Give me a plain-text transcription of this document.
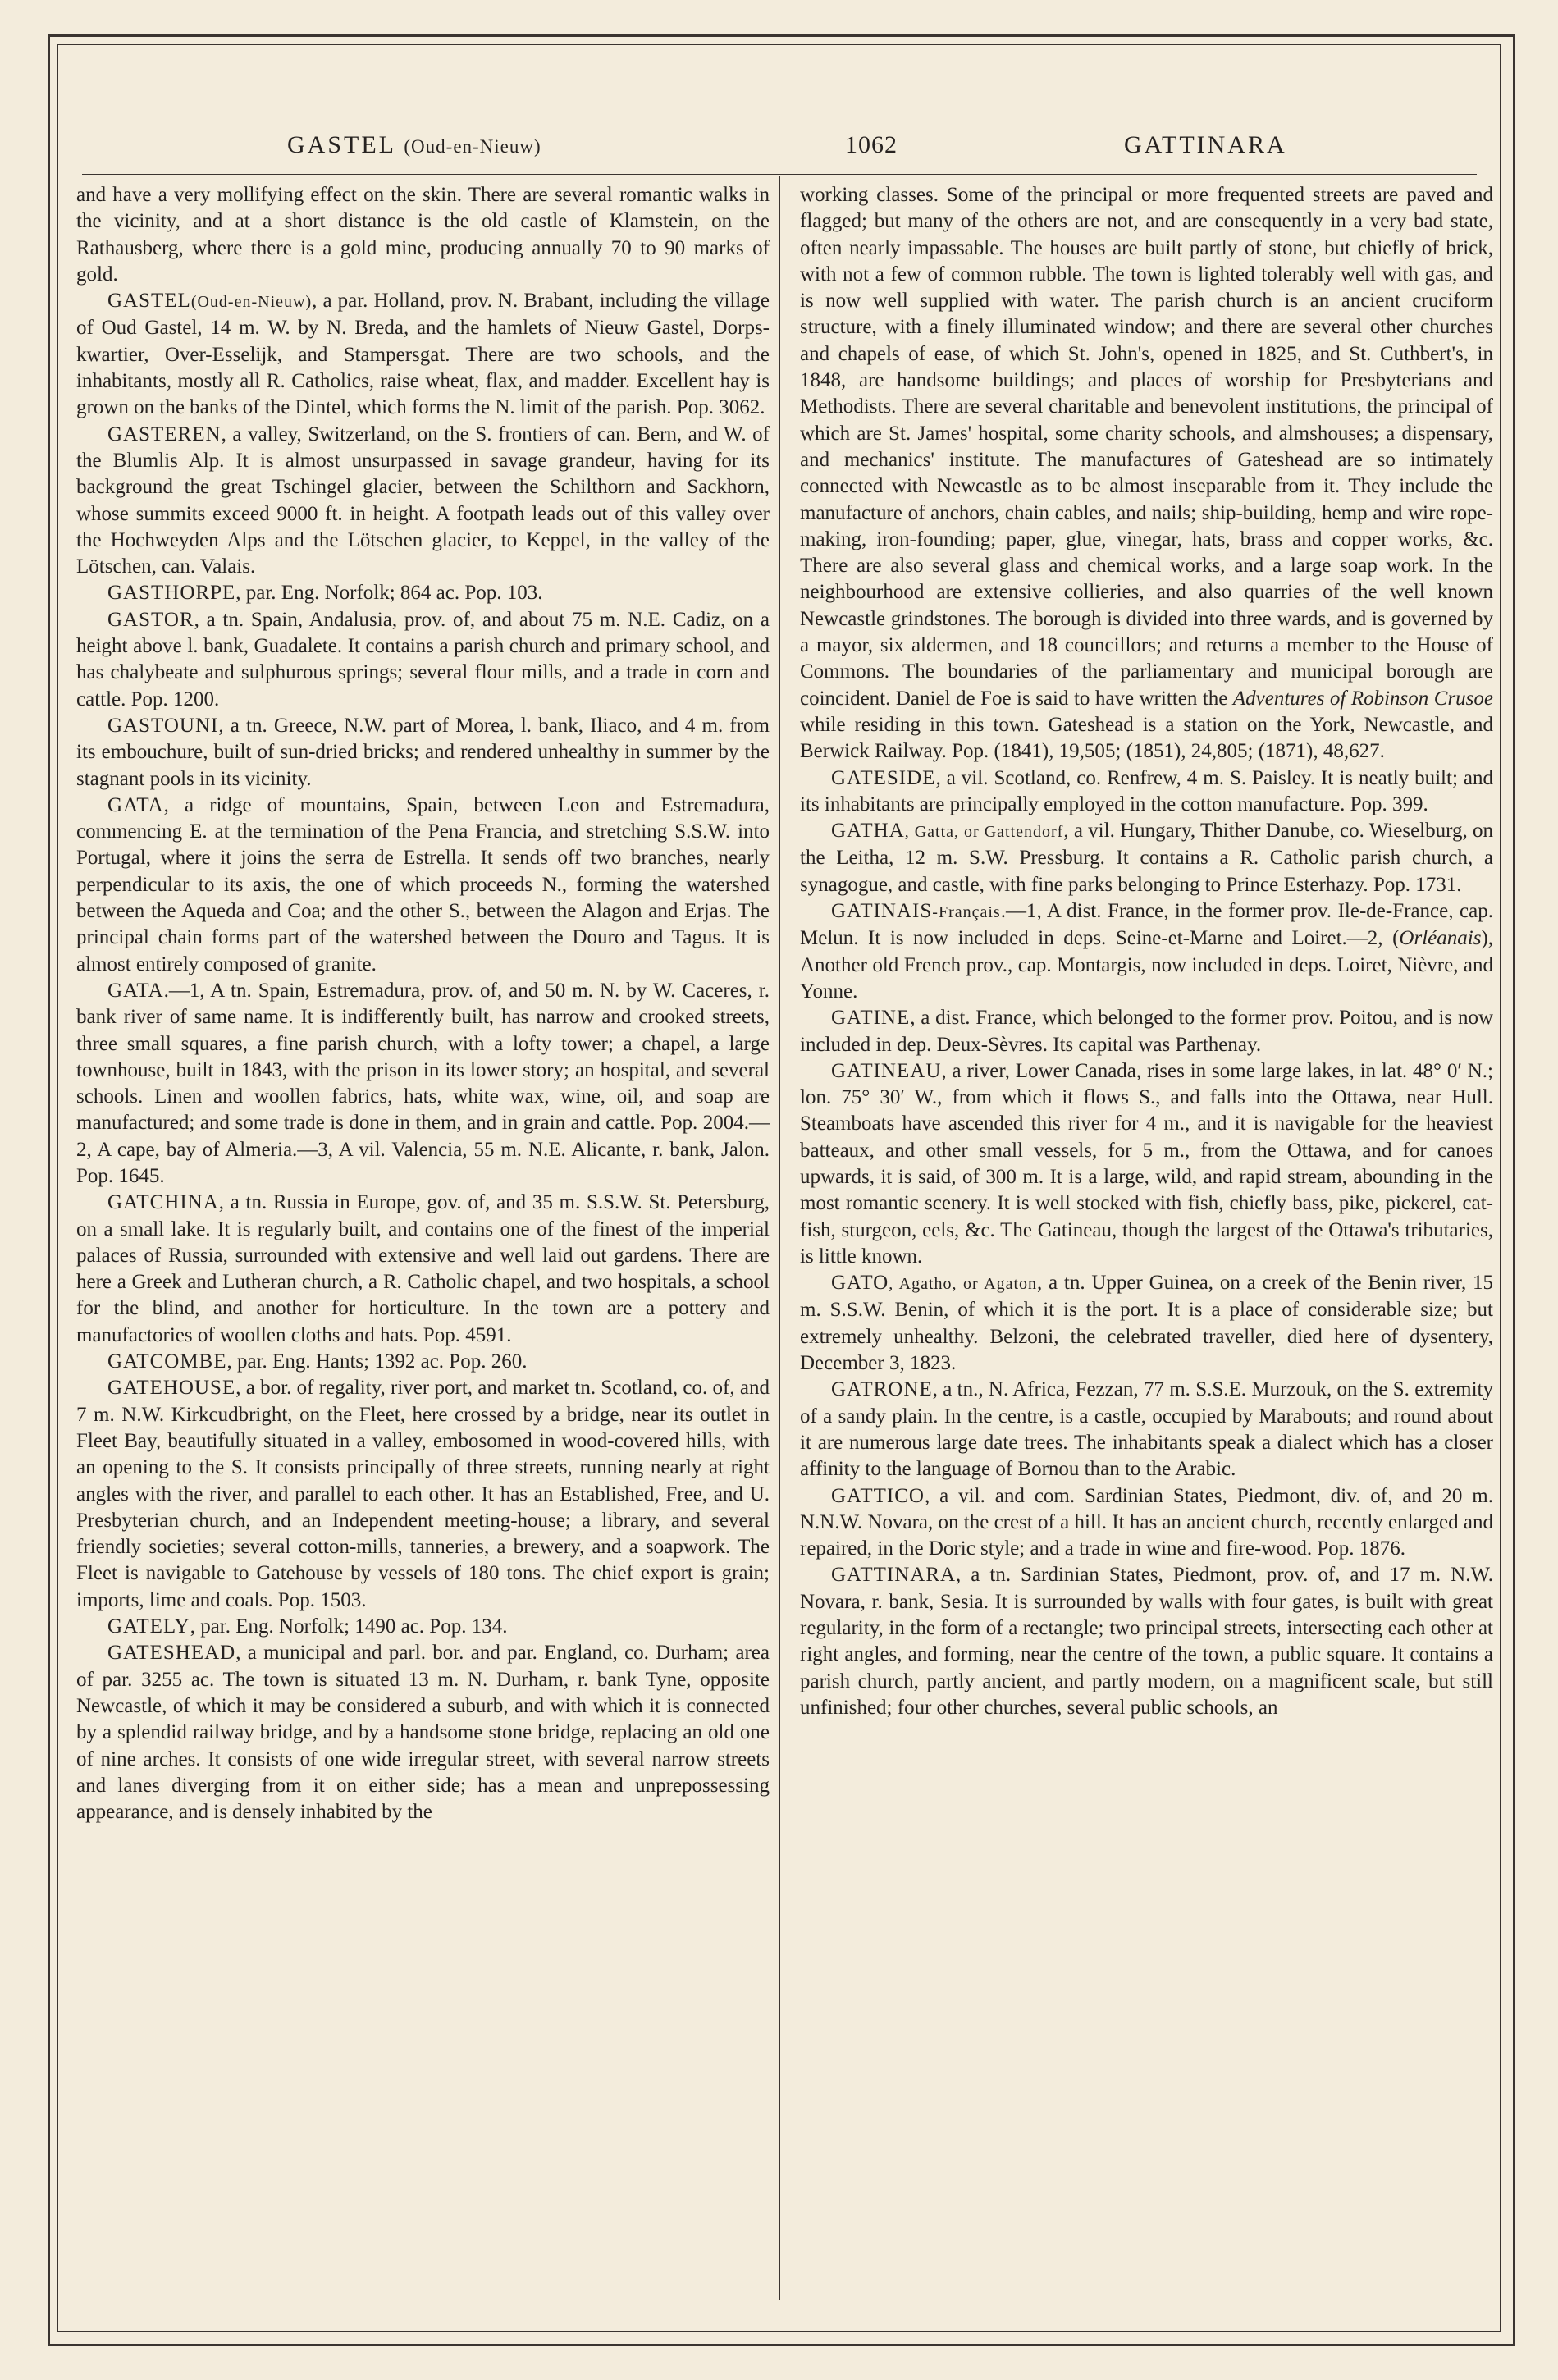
GASTEL (Oud-en-Nieuw)	1062	GATTINARA

and have a very mollifying effect on the skin. There are several romantic walks in the vicinity, and at a short distance is the old castle of Klamstein, on the Rathausberg, where there is a gold mine, producing annually 70 to 90 marks of gold.

GASTEL(Oud-en-Nieuw), a par. Holland, prov. N. Brabant, including the village of Oud Gastel, 14 m. W. by N. Breda, and the hamlets of Nieuw Gastel, Dorps-kwartier, Over-Esselijk, and Stampersgat. There are two schools, and the inhabitants, mostly all R. Catholics, raise wheat, flax, and madder. Excellent hay is grown on the banks of the Dintel, which forms the N. limit of the parish. Pop. 3062.

GASTEREN, a valley, Switzerland, on the S. frontiers of can. Bern, and W. of the Blumlis Alp. It is almost unsurpassed in savage grandeur, having for its background the great Tschingel glacier, between the Schilthorn and Sackhorn, whose summits exceed 9000 ft. in height. A footpath leads out of this valley over the Hochweyden Alps and the Lötschen glacier, to Keppel, in the valley of the Lötschen, can. Valais.

GASTHORPE, par. Eng. Norfolk; 864 ac. Pop. 103.

GASTOR, a tn. Spain, Andalusia, prov. of, and about 75 m. N.E. Cadiz, on a height above l. bank, Guadalete. It contains a parish church and primary school, and has chalybeate and sulphurous springs; several flour mills, and a trade in corn and cattle. Pop. 1200.

GASTOUNI, a tn. Greece, N.W. part of Morea, l. bank, Iliaco, and 4 m. from its embouchure, built of sun-dried bricks; and rendered unhealthy in summer by the stagnant pools in its vicinity.

GATA, a ridge of mountains, Spain, between Leon and Estremadura, commencing E. at the termination of the Pena Francia, and stretching S.S.W. into Portugal, where it joins the serra de Estrella. It sends off two branches, nearly perpendicular to its axis, the one of which proceeds N., forming the watershed between the Aqueda and Coa; and the other S., between the Alagon and Erjas. The principal chain forms part of the watershed between the Douro and Tagus. It is almost entirely composed of granite.

GATA.—1, A tn. Spain, Estremadura, prov. of, and 50 m. N. by W. Caceres, r. bank river of same name. It is indifferently built, has narrow and crooked streets, three small squares, a fine parish church, with a lofty tower; a chapel, a large townhouse, built in 1843, with the prison in its lower story; an hospital, and several schools. Linen and woollen fabrics, hats, white wax, wine, oil, and soap are manufactured; and some trade is done in them, and in grain and cattle. Pop. 2004.—2, A cape, bay of Almeria.—3, A vil. Valencia, 55 m. N.E. Alicante, r. bank, Jalon. Pop. 1645.

GATCHINA, a tn. Russia in Europe, gov. of, and 35 m. S.S.W. St. Petersburg, on a small lake. It is regularly built, and contains one of the finest of the imperial palaces of Russia, surrounded with extensive and well laid out gardens. There are here a Greek and Lutheran church, a R. Catholic chapel, and two hospitals, a school for the blind, and another for horticulture. In the town are a pottery and manufactories of woollen cloths and hats. Pop. 4591.

GATCOMBE, par. Eng. Hants; 1392 ac. Pop. 260.

GATEHOUSE, a bor. of regality, river port, and market tn. Scotland, co. of, and 7 m. N.W. Kirkcudbright, on the Fleet, here crossed by a bridge, near its outlet in Fleet Bay, beautifully situated in a valley, embosomed in wood-covered hills, with an opening to the S. It consists principally of three streets, running nearly at right angles with the river, and parallel to each other. It has an Established, Free, and U. Presbyterian church, and an Independent meeting-house; a library, and several friendly societies; several cotton-mills, tanneries, a brewery, and a soapwork. The Fleet is navigable to Gatehouse by vessels of 180 tons. The chief export is grain; imports, lime and coals. Pop. 1503.

GATELY, par. Eng. Norfolk; 1490 ac. Pop. 134.

GATESHEAD, a municipal and parl. bor. and par. England, co. Durham; area of par. 3255 ac. The town is situated 13 m. N. Durham, r. bank Tyne, opposite Newcastle, of which it may be considered a suburb, and with which it is connected by a splendid railway bridge, and by a handsome stone bridge, replacing an old one of nine arches. It consists of one wide irregular street, with several narrow streets and lanes diverging from it on either side; has a mean and unprepossessing appearance, and is densely inhabited by the

working classes. Some of the principal or more frequented streets are paved and flagged; but many of the others are not, and are consequently in a very bad state, often nearly impassable. The houses are built partly of stone, but chiefly of brick, with not a few of common rubble. The town is lighted tolerably well with gas, and is now well supplied with water. The parish church is an ancient cruciform structure, with a finely illuminated window; and there are several other churches and chapels of ease, of which St. John's, opened in 1825, and St. Cuthbert's, in 1848, are handsome buildings; and places of worship for Presbyterians and Methodists. There are several charitable and benevolent institutions, the principal of which are St. James' hospital, some charity schools, and almshouses; a dispensary, and mechanics' institute. The manufactures of Gateshead are so intimately connected with Newcastle as to be almost inseparable from it. They include the manufacture of anchors, chain cables, and nails; ship-building, hemp and wire rope-making, iron-founding; paper, glue, vinegar, hats, brass and copper works, &c. There are also several glass and chemical works, and a large soap work. In the neighbourhood are extensive collieries, and also quarries of the well known Newcastle grindstones. The borough is divided into three wards, and is governed by a mayor, six aldermen, and 18 councillors; and returns a member to the House of Commons. The boundaries of the parliamentary and municipal borough are coincident. Daniel de Foe is said to have written the Adventures of Robinson Crusoe while residing in this town. Gateshead is a station on the York, Newcastle, and Berwick Railway. Pop. (1841), 19,505; (1851), 24,805; (1871), 48,627.

GATESIDE, a vil. Scotland, co. Renfrew, 4 m. S. Paisley. It is neatly built; and its inhabitants are principally employed in the cotton manufacture. Pop. 399.

GATHA, Gatta, or Gattendorf, a vil. Hungary, Thither Danube, co. Wieselburg, on the Leitha, 12 m. S.W. Pressburg. It contains a R. Catholic parish church, a synagogue, and castle, with fine parks belonging to Prince Esterhazy. Pop. 1731.

GATINAIS-Français.—1, A dist. France, in the former prov. Ile-de-France, cap. Melun. It is now included in deps. Seine-et-Marne and Loiret.—2, (Orléanais), Another old French prov., cap. Montargis, now included in deps. Loiret, Nièvre, and Yonne.

GATINE, a dist. France, which belonged to the former prov. Poitou, and is now included in dep. Deux-Sèvres. Its capital was Parthenay.

GATINEAU, a river, Lower Canada, rises in some large lakes, in lat. 48° 0′ N.; lon. 75° 30′ W., from which it flows S., and falls into the Ottawa, near Hull. Steamboats have ascended this river for 4 m., and it is navigable for the heaviest batteaux, and other small vessels, for 5 m., from the Ottawa, and for canoes upwards, it is said, of 300 m. It is a large, wild, and rapid stream, abounding in the most romantic scenery. It is well stocked with fish, chiefly bass, pike, pickerel, cat-fish, sturgeon, eels, &c. The Gatineau, though the largest of the Ottawa's tributaries, is little known.

GATO, Agatho, or Agaton, a tn. Upper Guinea, on a creek of the Benin river, 15 m. S.S.W. Benin, of which it is the port. It is a place of considerable size; but extremely unhealthy. Belzoni, the celebrated traveller, died here of dysentery, December 3, 1823.

GATRONE, a tn., N. Africa, Fezzan, 77 m. S.S.E. Murzouk, on the S. extremity of a sandy plain. In the centre, is a castle, occupied by Marabouts; and round about it are numerous large date trees. The inhabitants speak a dialect which has a closer affinity to the language of Bornou than to the Arabic.

GATTICO, a vil. and com. Sardinian States, Piedmont, div. of, and 20 m. N.N.W. Novara, on the crest of a hill. It has an ancient church, recently enlarged and repaired, in the Doric style; and a trade in wine and fire-wood. Pop. 1876.

GATTINARA, a tn. Sardinian States, Piedmont, prov. of, and 17 m. N.W. Novara, r. bank, Sesia. It is surrounded by walls with four gates, is built with great regularity, in the form of a rectangle; two principal streets, intersecting each other at right angles, and forming, near the centre of the town, a public square. It contains a parish church, partly ancient, and partly modern, on a magnificent scale, but still unfinished; four other churches, several public schools, an
